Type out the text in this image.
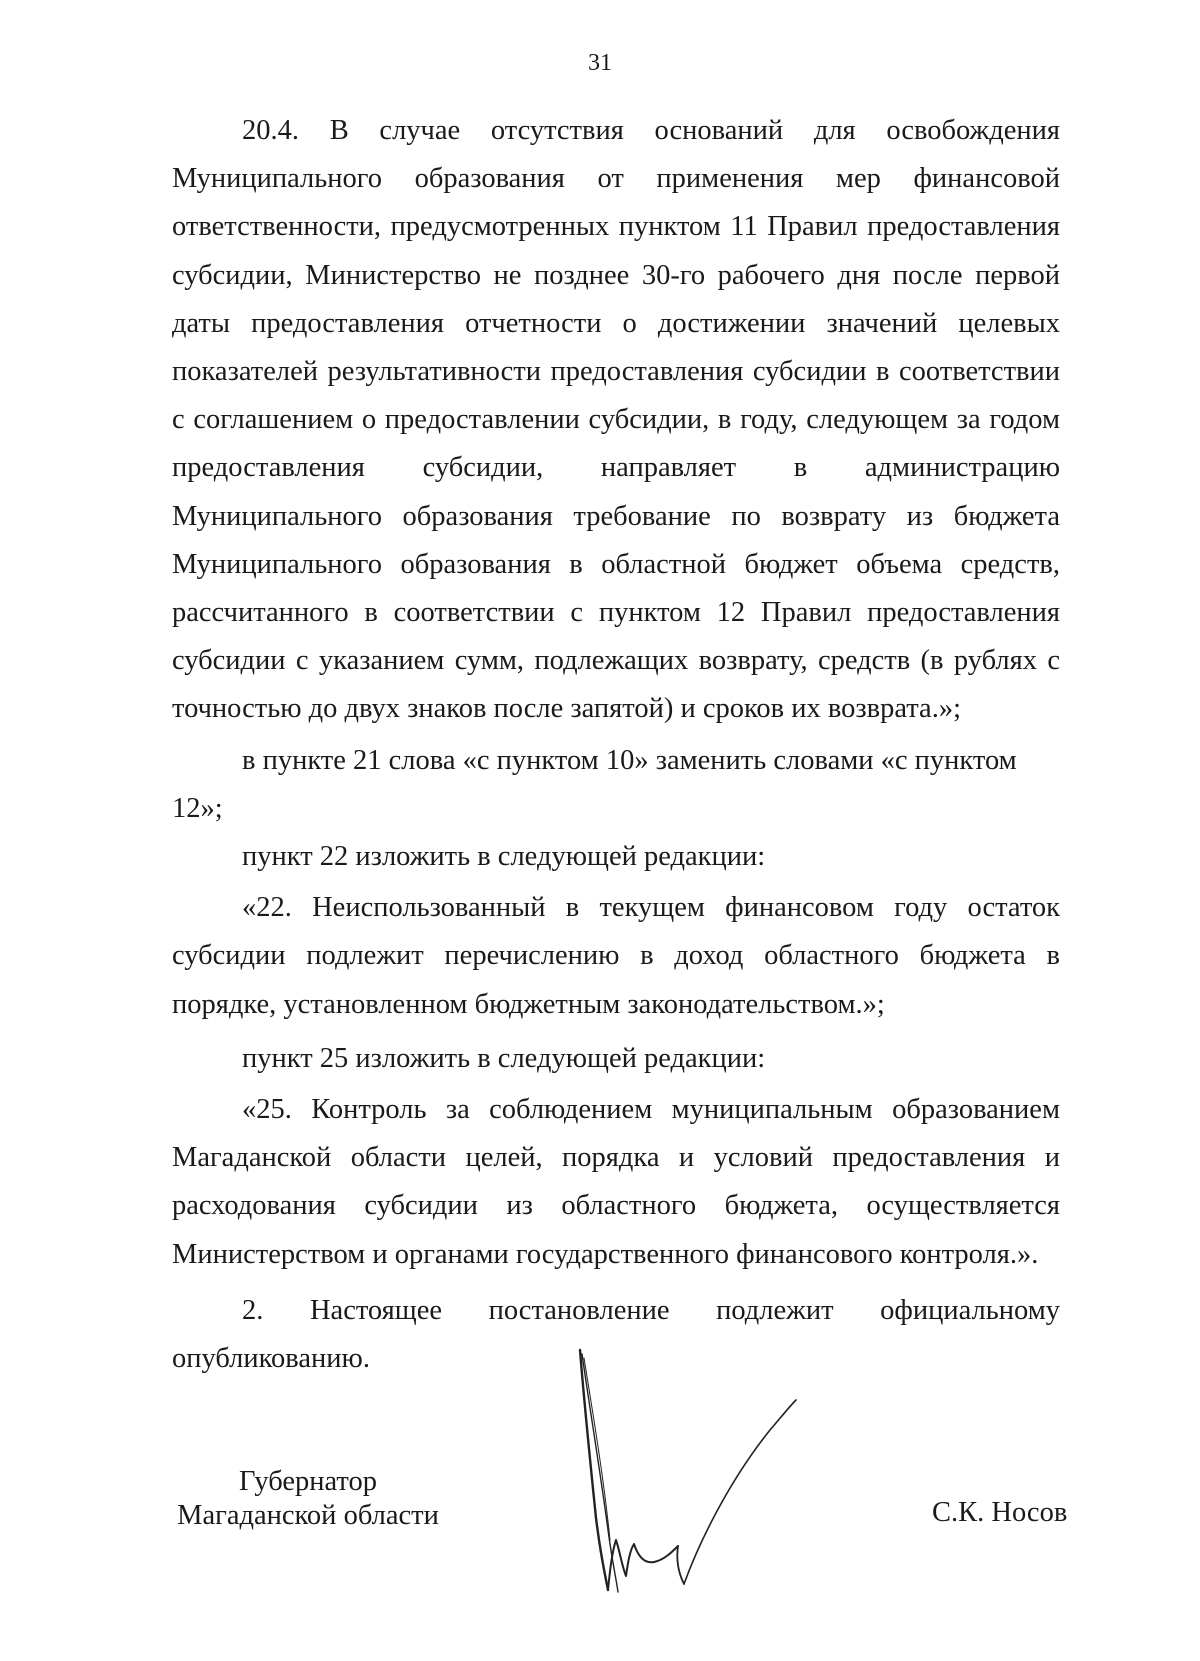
31

20.4. В случае отсутствия оснований для освобождения Муниципального образования от применения мер финансовой ответственности, предусмотренных пунктом 11 Правил предоставления субсидии, Министерство не позднее 30-го рабочего дня после первой даты предоставления отчетности о достижении значений целевых показателей результативности предоставления субсидии в соответствии с соглашением о предоставлении субсидии, в году, следующем за годом предоставления субсидии, направляет в администрацию Муниципального образования требование по возврату из бюджета Муниципального образования в областной бюджет объема средств, рассчитанного в соответствии с пунктом 12 Правил предоставления субсидии с указанием сумм, подлежащих возврату, средств (в рублях с точностью до двух знаков после запятой) и сроков их возврата.»;

в пункте 21 слова «с пунктом 10» заменить словами «с пунктом 12»;

пункт 22 изложить в следующей редакции:

«22. Неиспользованный в текущем финансовом году остаток субсидии подлежит перечислению в доход областного бюджета в порядке, установленном бюджетным законодательством.»;

пункт 25 изложить в следующей редакции:

«25. Контроль за соблюдением муниципальным образованием Магаданской области целей, порядка и условий предоставления и расходования субсидии из областного бюджета, осуществляется Министерством и органами государственного финансового контроля.».

2. Настоящее постановление подлежит официальному опубликованию.

Губернатор
Магаданской области	С.К. Носов
